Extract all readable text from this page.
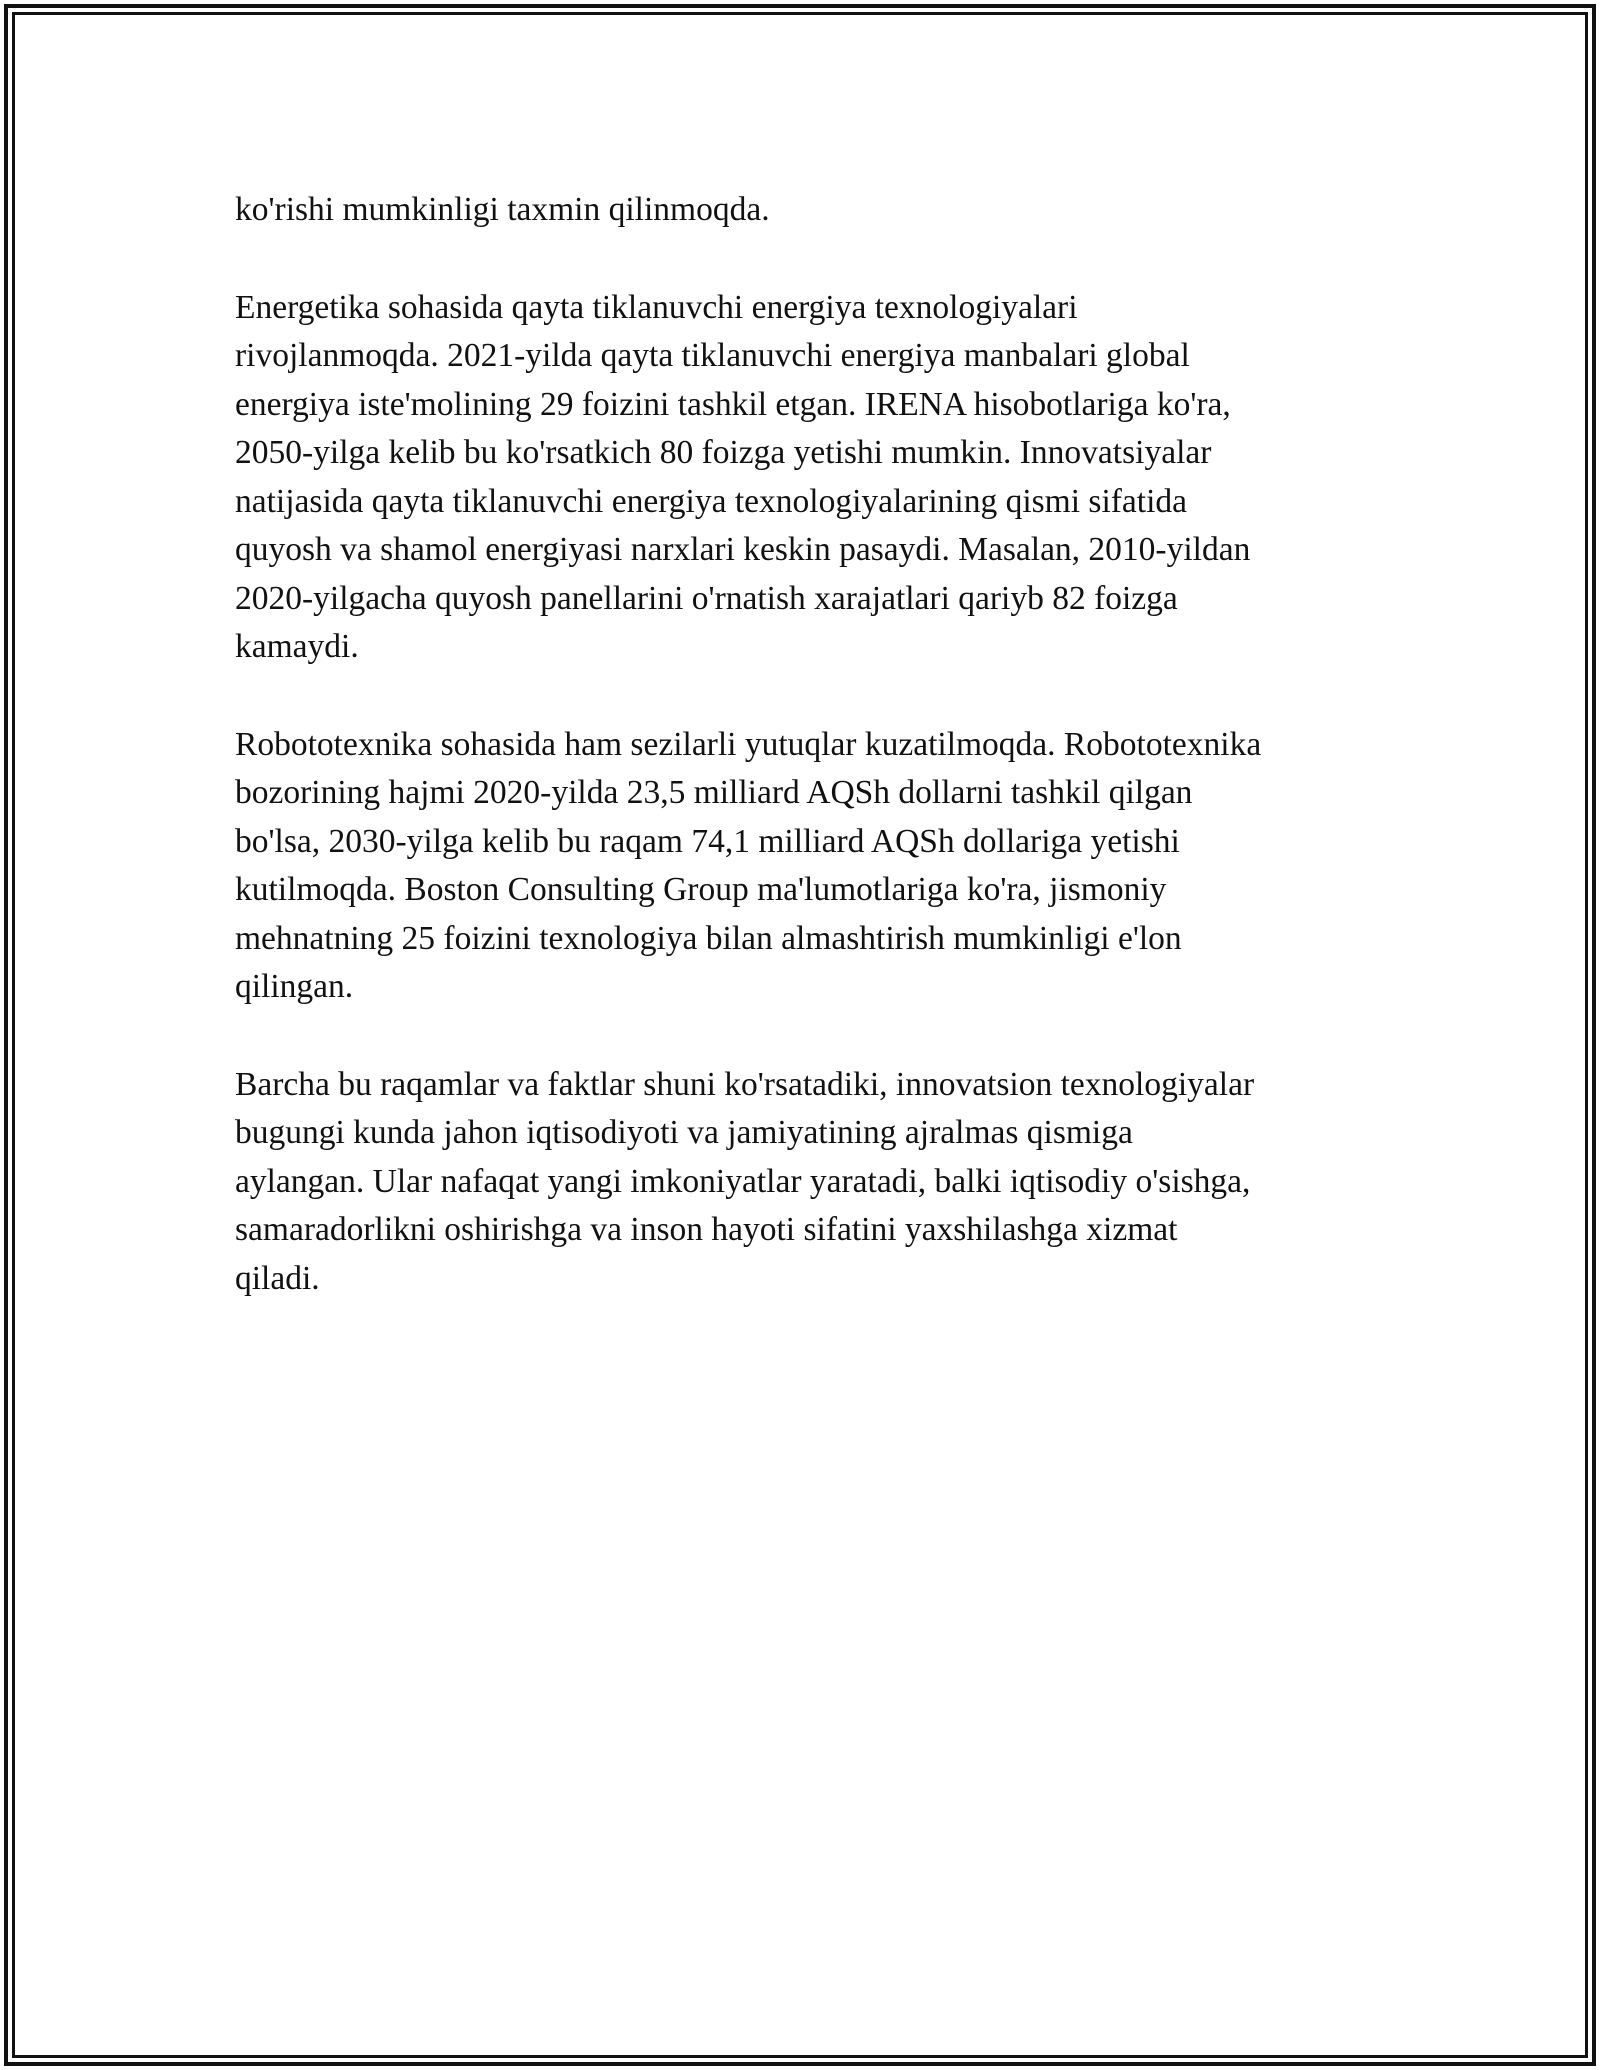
ko'rishi mumkinligi taxmin qilinmoqda.

Energetika sohasida qayta tiklanuvchi energiya texnologiyalari
rivojlanmoqda. 2021-yilda qayta tiklanuvchi energiya manbalari global
energiya iste'molining 29 foizini tashkil etgan. IRENA hisobotlariga ko'ra,
2050-yilga kelib bu ko'rsatkich 80 foizga yetishi mumkin. Innovatsiyalar
natijasida qayta tiklanuvchi energiya texnologiyalarining qismi sifatida
quyosh va shamol energiyasi narxlari keskin pasaydi. Masalan, 2010-yildan
2020-yilgacha quyosh panellarini o'rnatish xarajatlari qariyb 82 foizga
kamaydi.

Robototexnika sohasida ham sezilarli yutuqlar kuzatilmoqda. Robototexnika
bozorining hajmi 2020-yilda 23,5 milliard AQSh dollarni tashkil qilgan
bo'lsa, 2030-yilga kelib bu raqam 74,1 milliard AQSh dollariga yetishi
kutilmoqda. Boston Consulting Group ma'lumotlariga ko'ra, jismoniy
mehnatning 25 foizini texnologiya bilan almashtirish mumkinligi e'lon
qilingan.

Barcha bu raqamlar va faktlar shuni ko'rsatadiki, innovatsion texnologiyalar
bugungi kunda jahon iqtisodiyoti va jamiyatining ajralmas qismiga
aylangan. Ular nafaqat yangi imkoniyatlar yaratadi, balki iqtisodiy o'sishga,
samaradorlikni oshirishga va inson hayoti sifatini yaxshilashga xizmat
qiladi.
